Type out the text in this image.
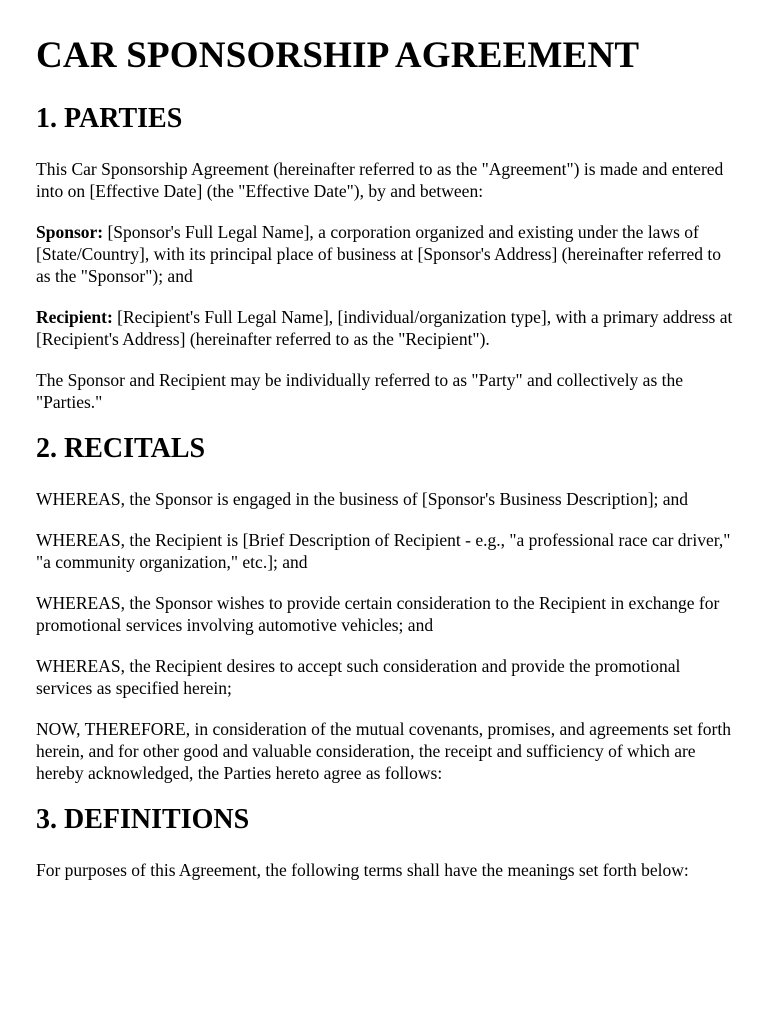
CAR SPONSORSHIP AGREEMENT
1. PARTIES

This Car Sponsorship Agreement (hereinafter referred to as the "Agreement") is made and entered into on [Effective Date] (the "Effective Date"), by and between:

Sponsor: [Sponsor's Full Legal Name], a corporation organized and existing under the laws of [State/Country], with its principal place of business at [Sponsor's Address] (hereinafter referred to as the "Sponsor"); and

Recipient: [Recipient's Full Legal Name], [individual/organization type], with a primary address at [Recipient's Address] (hereinafter referred to as the "Recipient").

The Sponsor and Recipient may be individually referred to as "Party" and collectively as the "Parties."

2. RECITALS

WHEREAS, the Sponsor is engaged in the business of [Sponsor's Business Description]; and

WHEREAS, the Recipient is [Brief Description of Recipient - e.g., "a professional race car driver," "a community organization," etc.]; and

WHEREAS, the Sponsor wishes to provide certain consideration to the Recipient in exchange for promotional services involving automotive vehicles; and

WHEREAS, the Recipient desires to accept such consideration and provide the promotional services as specified herein;

NOW, THEREFORE, in consideration of the mutual covenants, promises, and agreements set forth herein, and for other good and valuable consideration, the receipt and sufficiency of which are hereby acknowledged, the Parties hereto agree as follows:

3. DEFINITIONS

For purposes of this Agreement, the following terms shall have the meanings set forth below:
